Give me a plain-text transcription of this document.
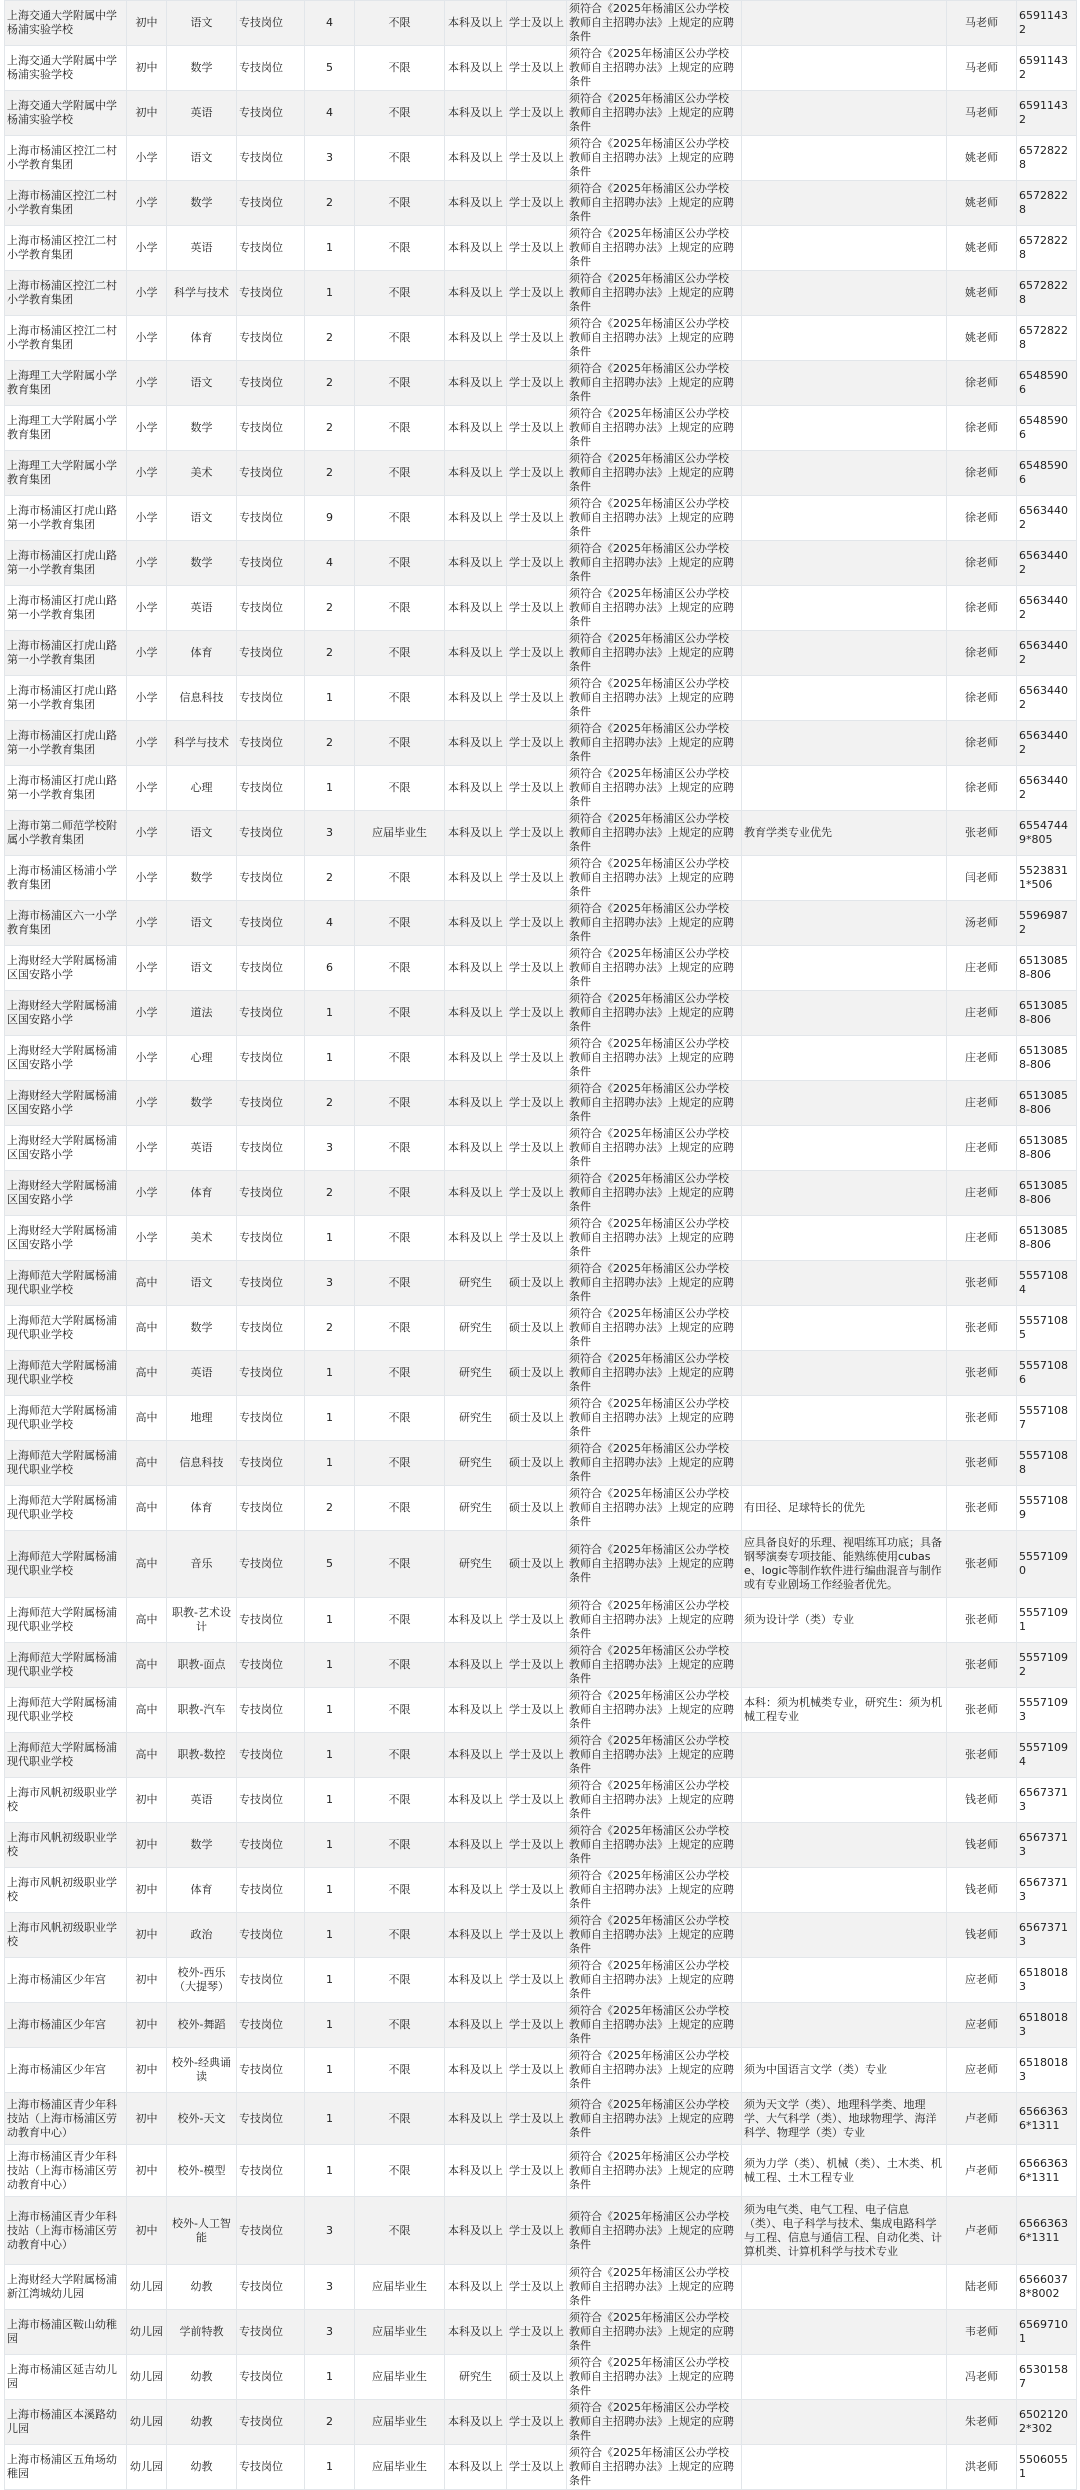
上海交通大学附属中学杨浦实验学校	初中	语文	专技岗位	4	不限	本科及以上	学士及以上	须符合《2025年杨浦区公办学校教师自主招聘办法》上规定的应聘条件		马老师	65911432
上海交通大学附属中学杨浦实验学校	初中	数学	专技岗位	5	不限	本科及以上	学士及以上	须符合《2025年杨浦区公办学校教师自主招聘办法》上规定的应聘条件		马老师	65911432
上海交通大学附属中学杨浦实验学校	初中	英语	专技岗位	4	不限	本科及以上	学士及以上	须符合《2025年杨浦区公办学校教师自主招聘办法》上规定的应聘条件		马老师	65911432
上海市杨浦区控江二村小学教育集团	小学	语文	专技岗位	3	不限	本科及以上	学士及以上	须符合《2025年杨浦区公办学校教师自主招聘办法》上规定的应聘条件		姚老师	65728228
上海市杨浦区控江二村小学教育集团	小学	数学	专技岗位	2	不限	本科及以上	学士及以上	须符合《2025年杨浦区公办学校教师自主招聘办法》上规定的应聘条件		姚老师	65728228
上海市杨浦区控江二村小学教育集团	小学	英语	专技岗位	1	不限	本科及以上	学士及以上	须符合《2025年杨浦区公办学校教师自主招聘办法》上规定的应聘条件		姚老师	65728228
上海市杨浦区控江二村小学教育集团	小学	科学与技术	专技岗位	1	不限	本科及以上	学士及以上	须符合《2025年杨浦区公办学校教师自主招聘办法》上规定的应聘条件		姚老师	65728228
上海市杨浦区控江二村小学教育集团	小学	体育	专技岗位	2	不限	本科及以上	学士及以上	须符合《2025年杨浦区公办学校教师自主招聘办法》上规定的应聘条件		姚老师	65728228
上海理工大学附属小学教育集团	小学	语文	专技岗位	2	不限	本科及以上	学士及以上	须符合《2025年杨浦区公办学校教师自主招聘办法》上规定的应聘条件		徐老师	65485906
上海理工大学附属小学教育集团	小学	数学	专技岗位	2	不限	本科及以上	学士及以上	须符合《2025年杨浦区公办学校教师自主招聘办法》上规定的应聘条件		徐老师	65485906
上海理工大学附属小学教育集团	小学	美术	专技岗位	2	不限	本科及以上	学士及以上	须符合《2025年杨浦区公办学校教师自主招聘办法》上规定的应聘条件		徐老师	65485906
上海市杨浦区打虎山路第一小学教育集团	小学	语文	专技岗位	9	不限	本科及以上	学士及以上	须符合《2025年杨浦区公办学校教师自主招聘办法》上规定的应聘条件		徐老师	65634402
上海市杨浦区打虎山路第一小学教育集团	小学	数学	专技岗位	4	不限	本科及以上	学士及以上	须符合《2025年杨浦区公办学校教师自主招聘办法》上规定的应聘条件		徐老师	65634402
上海市杨浦区打虎山路第一小学教育集团	小学	英语	专技岗位	2	不限	本科及以上	学士及以上	须符合《2025年杨浦区公办学校教师自主招聘办法》上规定的应聘条件		徐老师	65634402
上海市杨浦区打虎山路第一小学教育集团	小学	体育	专技岗位	2	不限	本科及以上	学士及以上	须符合《2025年杨浦区公办学校教师自主招聘办法》上规定的应聘条件		徐老师	65634402
上海市杨浦区打虎山路第一小学教育集团	小学	信息科技	专技岗位	1	不限	本科及以上	学士及以上	须符合《2025年杨浦区公办学校教师自主招聘办法》上规定的应聘条件		徐老师	65634402
上海市杨浦区打虎山路第一小学教育集团	小学	科学与技术	专技岗位	2	不限	本科及以上	学士及以上	须符合《2025年杨浦区公办学校教师自主招聘办法》上规定的应聘条件		徐老师	65634402
上海市杨浦区打虎山路第一小学教育集团	小学	心理	专技岗位	1	不限	本科及以上	学士及以上	须符合《2025年杨浦区公办学校教师自主招聘办法》上规定的应聘条件		徐老师	65634402
上海市第二师范学校附属小学教育集团	小学	语文	专技岗位	3	应届毕业生	本科及以上	学士及以上	须符合《2025年杨浦区公办学校教师自主招聘办法》上规定的应聘条件	教育学类专业优先	张老师	65547449*805
上海市杨浦区杨浦小学教育集团	小学	数学	专技岗位	2	不限	本科及以上	学士及以上	须符合《2025年杨浦区公办学校教师自主招聘办法》上规定的应聘条件		闫老师	55238311*506
上海市杨浦区六一小学教育集团	小学	语文	专技岗位	4	不限	本科及以上	学士及以上	须符合《2025年杨浦区公办学校教师自主招聘办法》上规定的应聘条件		汤老师	55969872
上海财经大学附属杨浦区国安路小学	小学	语文	专技岗位	6	不限	本科及以上	学士及以上	须符合《2025年杨浦区公办学校教师自主招聘办法》上规定的应聘条件		庄老师	65130858-806
上海财经大学附属杨浦区国安路小学	小学	道法	专技岗位	1	不限	本科及以上	学士及以上	须符合《2025年杨浦区公办学校教师自主招聘办法》上规定的应聘条件		庄老师	65130858-806
上海财经大学附属杨浦区国安路小学	小学	心理	专技岗位	1	不限	本科及以上	学士及以上	须符合《2025年杨浦区公办学校教师自主招聘办法》上规定的应聘条件		庄老师	65130858-806
上海财经大学附属杨浦区国安路小学	小学	数学	专技岗位	2	不限	本科及以上	学士及以上	须符合《2025年杨浦区公办学校教师自主招聘办法》上规定的应聘条件		庄老师	65130858-806
上海财经大学附属杨浦区国安路小学	小学	英语	专技岗位	3	不限	本科及以上	学士及以上	须符合《2025年杨浦区公办学校教师自主招聘办法》上规定的应聘条件		庄老师	65130858-806
上海财经大学附属杨浦区国安路小学	小学	体育	专技岗位	2	不限	本科及以上	学士及以上	须符合《2025年杨浦区公办学校教师自主招聘办法》上规定的应聘条件		庄老师	65130858-806
上海财经大学附属杨浦区国安路小学	小学	美术	专技岗位	1	不限	本科及以上	学士及以上	须符合《2025年杨浦区公办学校教师自主招聘办法》上规定的应聘条件		庄老师	65130858-806
上海师范大学附属杨浦现代职业学校	高中	语文	专技岗位	3	不限	研究生	硕士及以上	须符合《2025年杨浦区公办学校教师自主招聘办法》上规定的应聘条件		张老师	55571084
上海师范大学附属杨浦现代职业学校	高中	数学	专技岗位	2	不限	研究生	硕士及以上	须符合《2025年杨浦区公办学校教师自主招聘办法》上规定的应聘条件		张老师	55571085
上海师范大学附属杨浦现代职业学校	高中	英语	专技岗位	1	不限	研究生	硕士及以上	须符合《2025年杨浦区公办学校教师自主招聘办法》上规定的应聘条件		张老师	55571086
上海师范大学附属杨浦现代职业学校	高中	地理	专技岗位	1	不限	研究生	硕士及以上	须符合《2025年杨浦区公办学校教师自主招聘办法》上规定的应聘条件		张老师	55571087
上海师范大学附属杨浦现代职业学校	高中	信息科技	专技岗位	1	不限	研究生	硕士及以上	须符合《2025年杨浦区公办学校教师自主招聘办法》上规定的应聘条件		张老师	55571088
上海师范大学附属杨浦现代职业学校	高中	体育	专技岗位	2	不限	研究生	硕士及以上	须符合《2025年杨浦区公办学校教师自主招聘办法》上规定的应聘条件	有田径、足球特长的优先	张老师	55571089
上海师范大学附属杨浦现代职业学校	高中	音乐	专技岗位	5	不限	研究生	硕士及以上	须符合《2025年杨浦区公办学校教师自主招聘办法》上规定的应聘条件	应具备良好的乐理、视唱练耳功底；具备钢琴演奏专项技能、能熟练使用cubase、logic等制作软件进行编曲混音与制作或有专业剧场工作经验者优先。	张老师	55571090
上海师范大学附属杨浦现代职业学校	高中	职教-艺术设计	专技岗位	1	不限	本科及以上	学士及以上	须符合《2025年杨浦区公办学校教师自主招聘办法》上规定的应聘条件	须为设计学（类）专业	张老师	55571091
上海师范大学附属杨浦现代职业学校	高中	职教-面点	专技岗位	1	不限	本科及以上	学士及以上	须符合《2025年杨浦区公办学校教师自主招聘办法》上规定的应聘条件		张老师	55571092
上海师范大学附属杨浦现代职业学校	高中	职教-汽车	专技岗位	1	不限	本科及以上	学士及以上	须符合《2025年杨浦区公办学校教师自主招聘办法》上规定的应聘条件	本科：须为机械类专业，研究生：须为机械工程专业	张老师	55571093
上海师范大学附属杨浦现代职业学校	高中	职教-数控	专技岗位	1	不限	本科及以上	学士及以上	须符合《2025年杨浦区公办学校教师自主招聘办法》上规定的应聘条件		张老师	55571094
上海市风帆初级职业学校	初中	英语	专技岗位	1	不限	本科及以上	学士及以上	须符合《2025年杨浦区公办学校教师自主招聘办法》上规定的应聘条件		钱老师	65673713
上海市风帆初级职业学校	初中	数学	专技岗位	1	不限	本科及以上	学士及以上	须符合《2025年杨浦区公办学校教师自主招聘办法》上规定的应聘条件		钱老师	65673713
上海市风帆初级职业学校	初中	体育	专技岗位	1	不限	本科及以上	学士及以上	须符合《2025年杨浦区公办学校教师自主招聘办法》上规定的应聘条件		钱老师	65673713
上海市风帆初级职业学校	初中	政治	专技岗位	1	不限	本科及以上	学士及以上	须符合《2025年杨浦区公办学校教师自主招聘办法》上规定的应聘条件		钱老师	65673713
上海市杨浦区少年宫	初中	校外-西乐（大提琴）	专技岗位	1	不限	本科及以上	学士及以上	须符合《2025年杨浦区公办学校教师自主招聘办法》上规定的应聘条件		应老师	65180183
上海市杨浦区少年宫	初中	校外-舞蹈	专技岗位	1	不限	本科及以上	学士及以上	须符合《2025年杨浦区公办学校教师自主招聘办法》上规定的应聘条件		应老师	65180183
上海市杨浦区少年宫	初中	校外-经典诵读	专技岗位	1	不限	本科及以上	学士及以上	须符合《2025年杨浦区公办学校教师自主招聘办法》上规定的应聘条件	须为中国语言文学（类）专业	应老师	65180183
上海市杨浦区青少年科技站（上海市杨浦区劳动教育中心）	初中	校外-天文	专技岗位	1	不限	本科及以上	学士及以上	须符合《2025年杨浦区公办学校教师自主招聘办法》上规定的应聘条件	须为天文学（类）、地理科学类、地理学、大气科学（类）、地球物理学、海洋科学、物理学（类）专业	卢老师	65663636*1311
上海市杨浦区青少年科技站（上海市杨浦区劳动教育中心）	初中	校外-模型	专技岗位	1	不限	本科及以上	学士及以上	须符合《2025年杨浦区公办学校教师自主招聘办法》上规定的应聘条件	须为力学（类）、机械（类）、土木类、机械工程、土木工程专业	卢老师	65663636*1311
上海市杨浦区青少年科技站（上海市杨浦区劳动教育中心）	初中	校外-人工智能	专技岗位	3	不限	本科及以上	学士及以上	须符合《2025年杨浦区公办学校教师自主招聘办法》上规定的应聘条件	须为电气类、电气工程、电子信息（类）、电子科学与技术、集成电路科学与工程、信息与通信工程、自动化类、计算机类、计算机科学与技术专业	卢老师	65663636*1311
上海财经大学附属杨浦新江湾城幼儿园	幼儿园	幼教	专技岗位	3	应届毕业生	本科及以上	学士及以上	须符合《2025年杨浦区公办学校教师自主招聘办法》上规定的应聘条件		陆老师	65660378*8002
上海市杨浦区鞍山幼稚园	幼儿园	学前特教	专技岗位	3	应届毕业生	本科及以上	学士及以上	须符合《2025年杨浦区公办学校教师自主招聘办法》上规定的应聘条件		韦老师	65697101
上海市杨浦区延吉幼儿园	幼儿园	幼教	专技岗位	1	应届毕业生	研究生	硕士及以上	须符合《2025年杨浦区公办学校教师自主招聘办法》上规定的应聘条件		冯老师	65301587
上海市杨浦区本溪路幼儿园	幼儿园	幼教	专技岗位	2	应届毕业生	本科及以上	学士及以上	须符合《2025年杨浦区公办学校教师自主招聘办法》上规定的应聘条件		朱老师	65021202*302
上海市杨浦区五角场幼稚园	幼儿园	幼教	专技岗位	1	应届毕业生	本科及以上	学士及以上	须符合《2025年杨浦区公办学校教师自主招聘办法》上规定的应聘条件		洪老师	55060551
